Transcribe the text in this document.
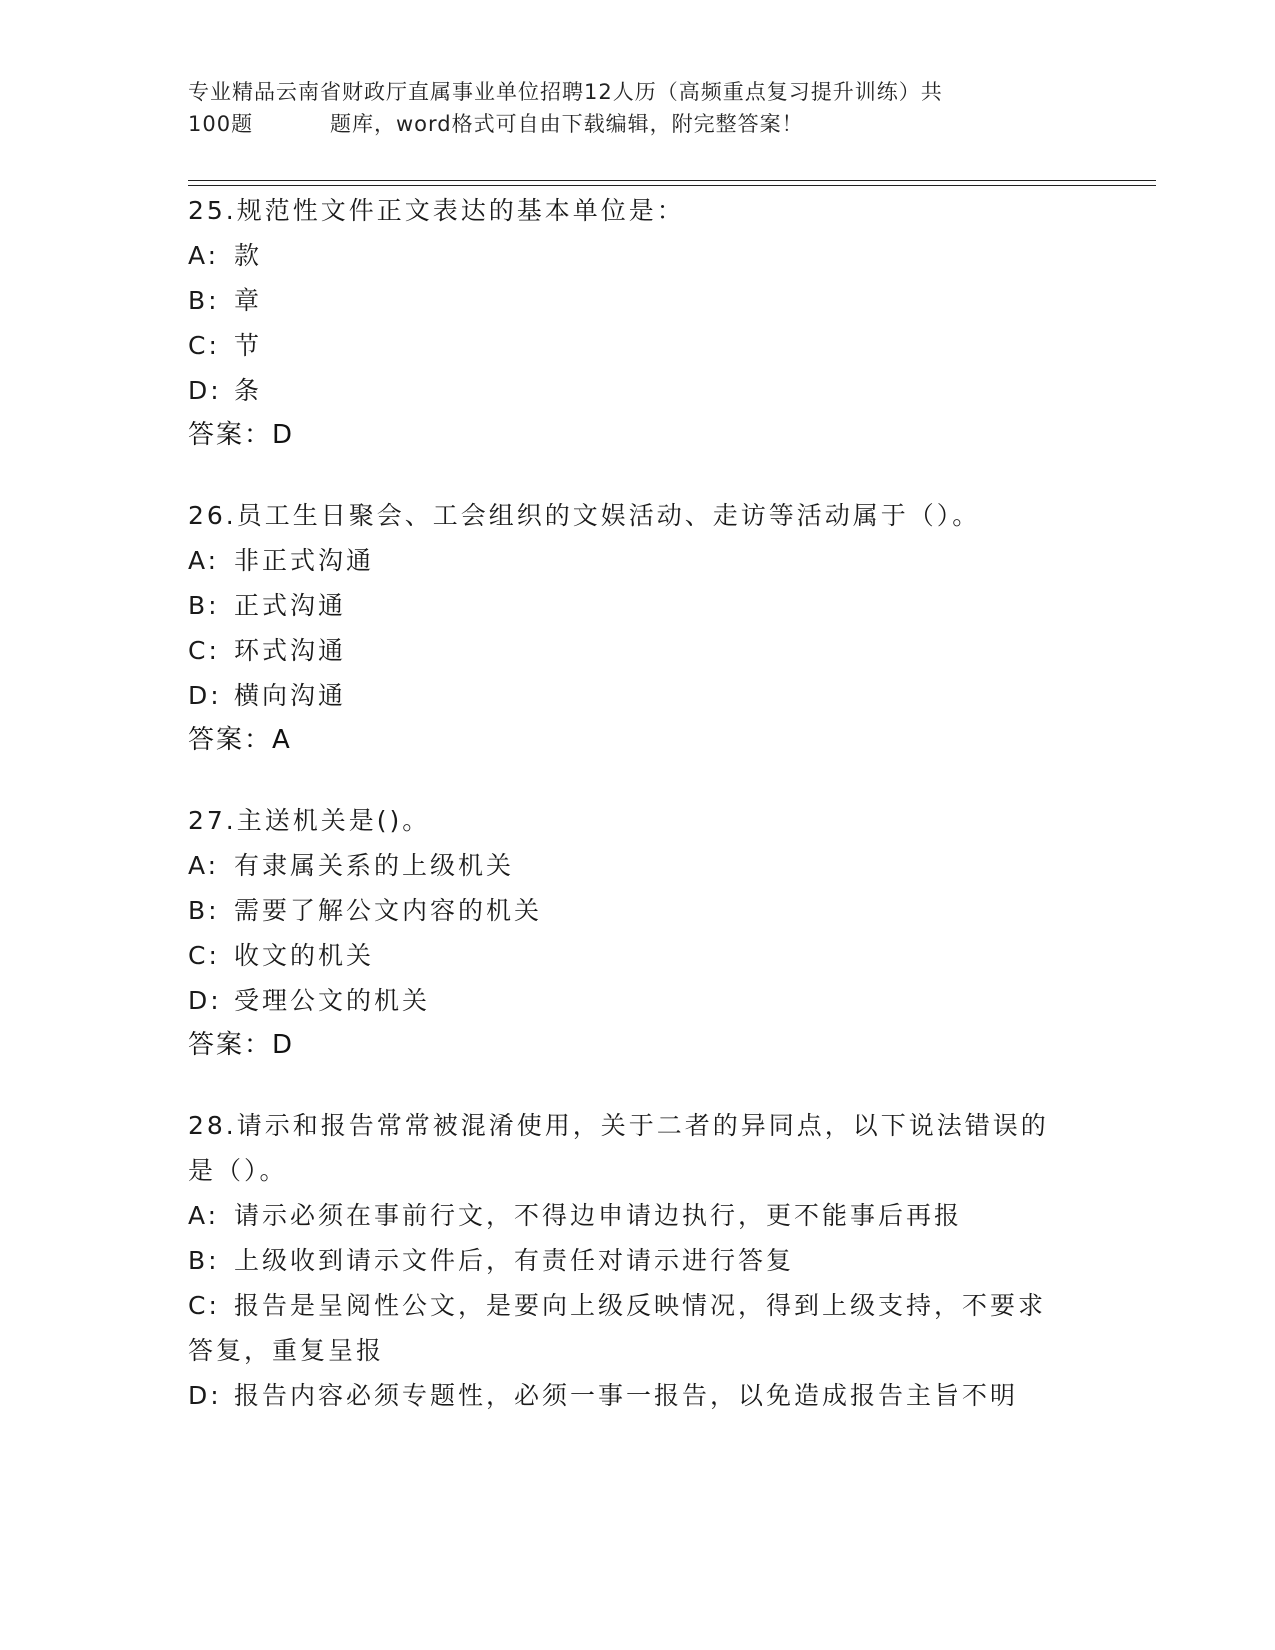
专业精品云南省财政厅直属事业单位招聘12人历（高频重点复习提升训练）共
100题	题库，word格式可自由下载编辑，附完整答案！
25.规范性文件正文表达的基本单位是：
A: 款
B: 章
C: 节
D: 条
答案：D
26.员工生日聚会、工会组织的文娱活动、走访等活动属于（）。
A: 非正式沟通
B: 正式沟通
C: 环式沟通
D: 横向沟通
答案：A
27.主送机关是()。
A: 有隶属关系的上级机关
B: 需要了解公文内容的机关
C: 收文的机关
D: 受理公文的机关
答案：D
28.请示和报告常常被混淆使用，关于二者的异同点，以下说法错误的
是（）。
A: 请示必须在事前行文，不得边申请边执行，更不能事后再报
B: 上级收到请示文件后，有责任对请示进行答复
C: 报告是呈阅性公文，是要向上级反映情况，得到上级支持，不要求
答复，重复呈报
D: 报告内容必须专题性，必须一事一报告，以免造成报告主旨不明
